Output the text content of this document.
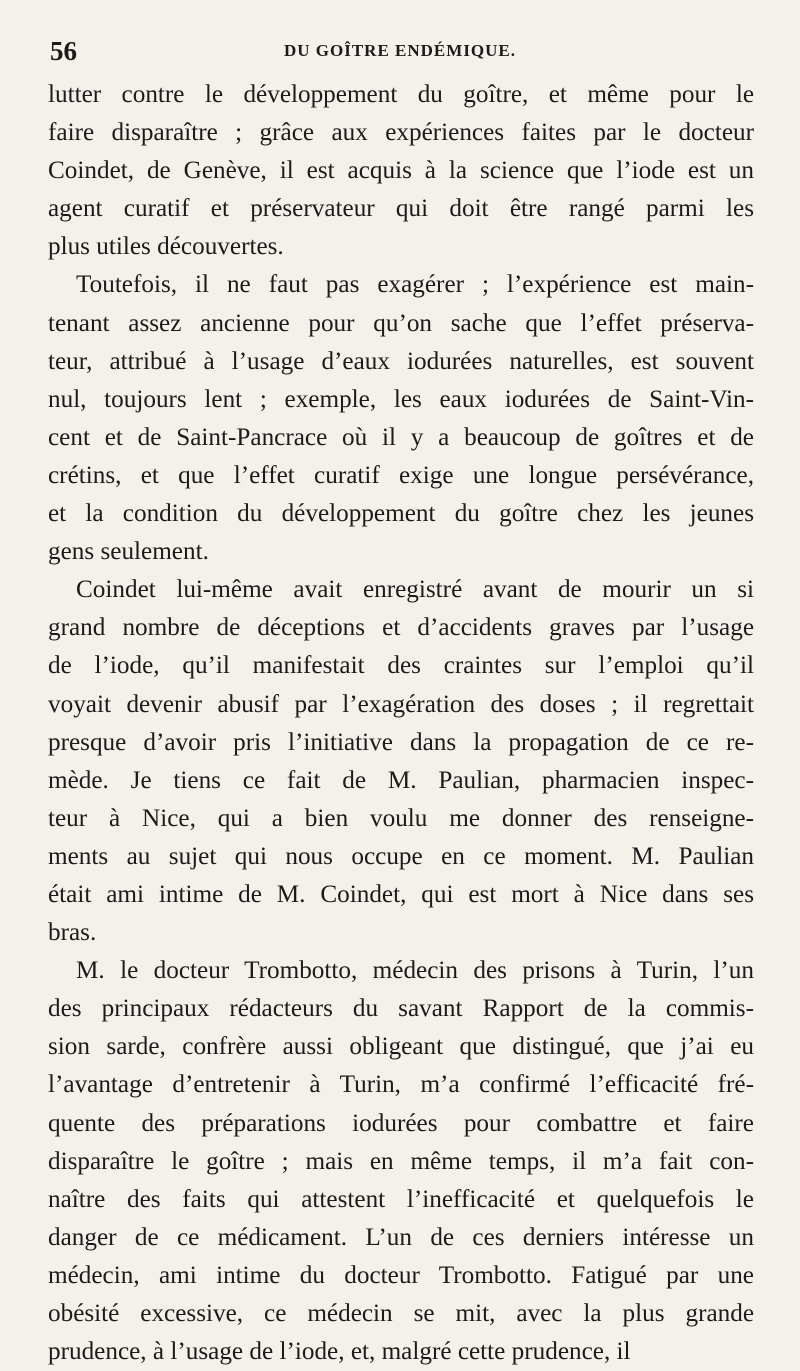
56	DU GOÎTRE ENDÉMIQUE.
lutter contre le développement du goître, et même pour le
faire disparaître ; grâce aux expériences faites par le docteur
Coindet, de Genève, il est acquis à la science que l’iode est un
agent curatif et préservateur qui doit être rangé parmi les
plus utiles découvertes.
Toutefois, il ne faut pas exagérer ; l’expérience est main-
tenant assez ancienne pour qu’on sache que l’effet préserva-
teur, attribué à l’usage d’eaux iodurées naturelles, est souvent
nul, toujours lent ; exemple, les eaux iodurées de Saint-Vin-
cent et de Saint-Pancrace où il y a beaucoup de goîtres et de
crétins, et que l’effet curatif exige une longue persévérance,
et la condition du développement du goître chez les jeunes
gens seulement.
Coindet lui-même avait enregistré avant de mourir un si
grand nombre de déceptions et d’accidents graves par l’usage
de l’iode, qu’il manifestait des craintes sur l’emploi qu’il
voyait devenir abusif par l’exagération des doses ; il regrettait
presque d’avoir pris l’initiative dans la propagation de ce re-
mède. Je tiens ce fait de M. Paulian, pharmacien inspec-
teur à Nice, qui a bien voulu me donner des renseigne-
ments au sujet qui nous occupe en ce moment. M. Paulian
était ami intime de M. Coindet, qui est mort à Nice dans ses
bras.
M. le docteur Trombotto, médecin des prisons à Turin, l’un
des principaux rédacteurs du savant Rapport de la commis-
sion sarde, confrère aussi obligeant que distingué, que j’ai eu
l’avantage d’entretenir à Turin, m’a confirmé l’efficacité fré-
quente des préparations iodurées pour combattre et faire
disparaître le goître ; mais en même temps, il m’a fait con-
naître des faits qui attestent l’inefficacité et quelquefois le
danger de ce médicament. L’un de ces derniers intéresse un
médecin, ami intime du docteur Trombotto. Fatigué par une
obésité excessive, ce médecin se mit, avec la plus grande
prudence, à l’usage de l’iode, et, malgré cette prudence, il
